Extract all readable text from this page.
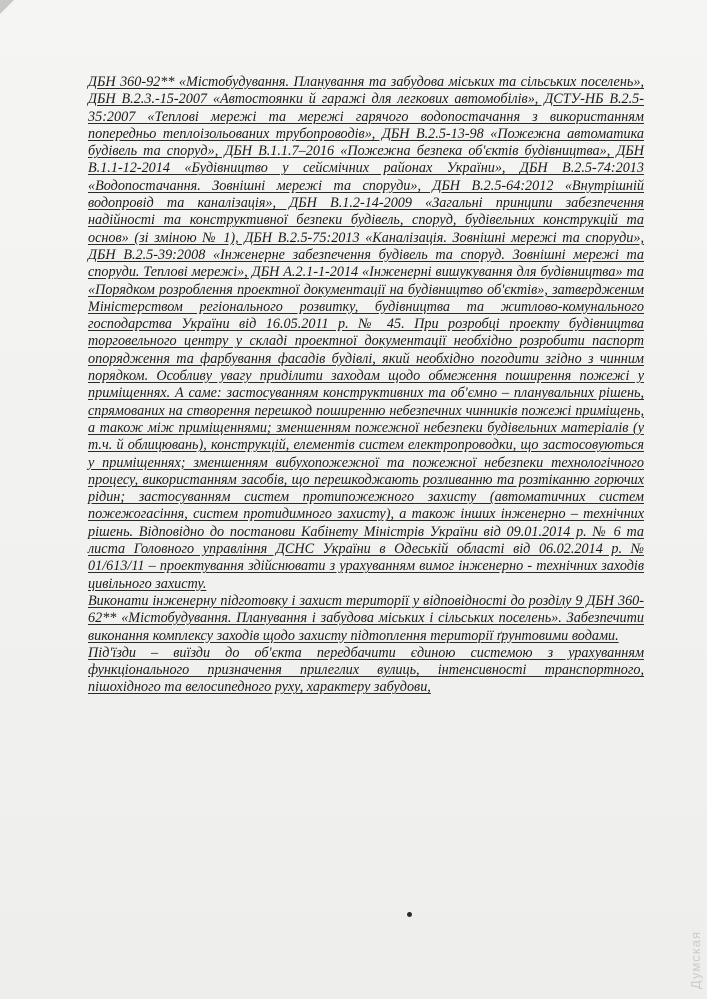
ДБН 360-92** «Містобудування. Планування та забудова міських та сільських поселень», ДБН В.2.3.-15-2007 «Автостоянки й гаражі для легкових автомобілів», ДСТУ-НБ В.2.5-35:2007 «Теплові мережі та мережі гарячого водопостачання з використанням попередньо теплоізольованих трубопроводів», ДБН В.2.5-13-98 «Пожежна автоматика будівель та споруд», ДБН В.1.1.7–2016 «Пожежна безпека об'єктів будівництва», ДБН В.1.1-12-2014 «Будівництво у сейсмічних районах України», ДБН В.2.5-74:2013 «Водопостачання. Зовнішні мережі та споруди», ДБН В.2.5-64:2012 «Внутрішній водопровід та каналізація», ДБН В.1.2-14-2009 «Загальні принципи забезпечення надійності та конструктивної безпеки будівель, споруд, будівельних конструкцій та основ» (зі зміною № 1), ДБН В.2.5-75:2013 «Каналізація. Зовнішні мережі та споруди», ДБН В.2.5-39:2008 «Інженерне забезпечення будівель та споруд. Зовнішні мережі та споруди. Теплові мережі», ДБН А.2.1-1-2014 «Інженерні вишукування для будівництва» та «Порядком розроблення проектної документації на будівництво об'єктів», затвердженим Міністерством регіонального розвитку, будівництва та житлово-комунального господарства України від 16.05.2011 р. № 45. При розробці проекту будівництва торговельного центру у складі проектної документації необхідно розробити паспорт опорядження та фарбування фасадів будівлі, який необхідно погодити згідно з чинним порядком. Особливу увагу приділити заходам щодо обмеження поширення пожежі у приміщеннях. А саме: застосуванням конструктивних та об'ємно – планувальних рішень, спрямованих на створення перешкод поширенню небезпечних чинників пожежі приміщень, а також між приміщеннями; зменшенням пожежної небезпеки будівельних матеріалів (у т.ч. й облицювань), конструкцій, елементів систем електропроводки, що застосовуються у приміщеннях; зменшенням вибухопожежної та пожежної небезпеки технологічного процесу, використанням засобів, що перешкоджають розливанню та розтіканню горючих рідин; застосуванням систем протипожежного захисту (автоматичних систем пожежогасіння, систем протидимного захисту), а також інших інженерно – технічних рішень. Відповідно до постанови Кабінету Міністрів України від 09.01.2014 р. № 6 та листа Головного управління ДСНС України в Одеській області від 06.02.2014 р. № 01/613/11 – проектування здійснювати з урахуванням вимог інженерно - технічних заходів цивільного захисту.

Виконати інженерну підготовку і захист території у відповідності до розділу 9 ДБН 360-62** «Містобудування. Планування і забудова міських і сільських поселень». Забезпечити виконання комплексу заходів щодо захисту підтоплення території ґрунтовими водами.

Під'їзди – виїзди до об'єкта передбачити єдиною системою з урахуванням функціонального призначення прилеглих вулиць, інтенсивності транспортного, пішохідного та велосипедного руху, характеру забудови,

Думская
